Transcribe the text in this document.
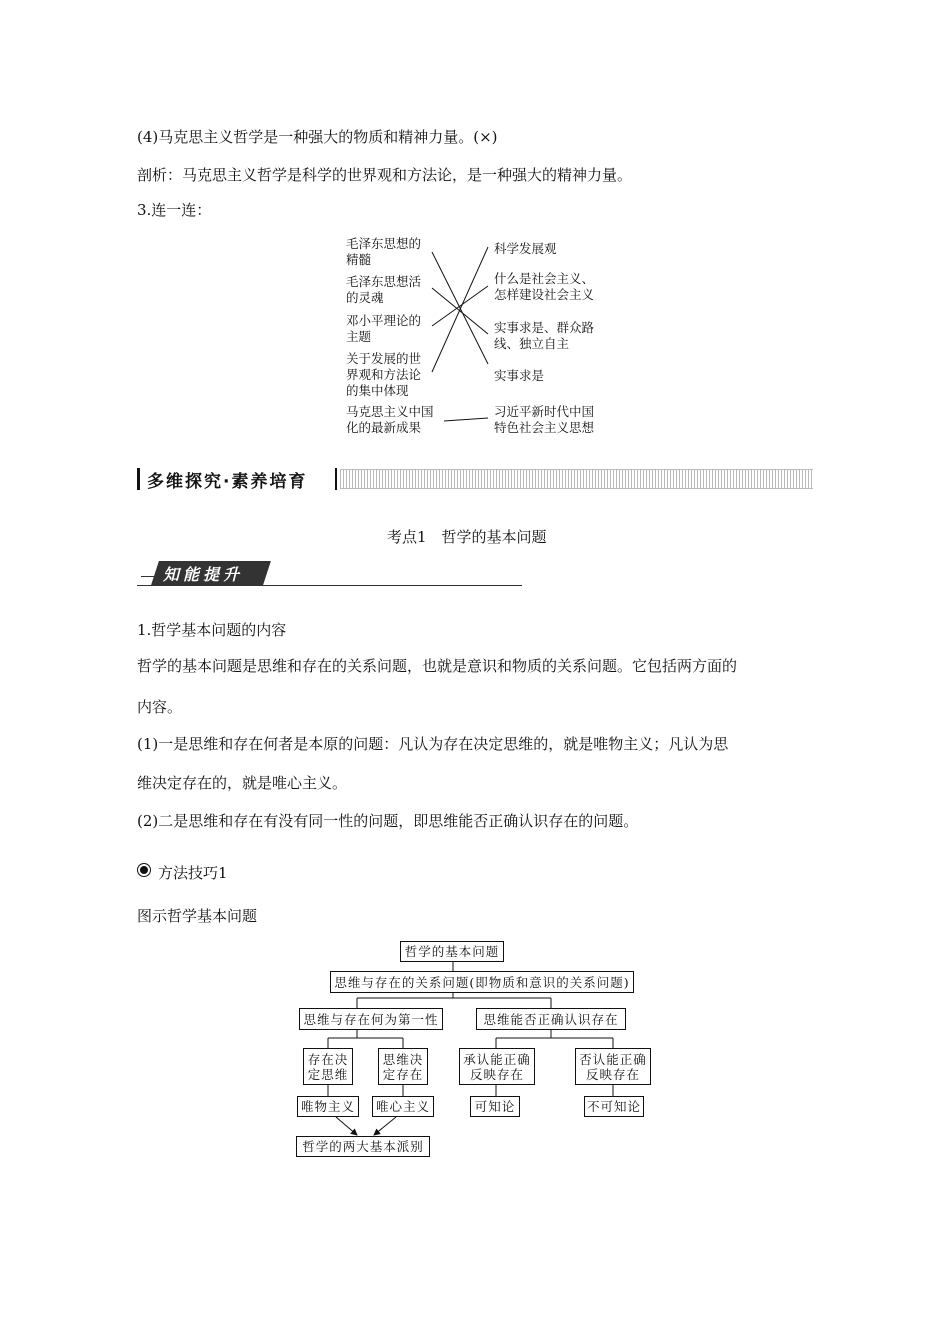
(4)马克思主义哲学是一种强大的物质和精神力量。(×)
剖析：马克思主义哲学是科学的世界观和方法论，是一种强大的精神力量。
3.连一连：
毛泽东思想的
精髓
毛泽东思想活
的灵魂
邓小平理论的
主题
关于发展的世
界观和方法论
的集中体现
马克思主义中国
化的最新成果
科学发展观
什么是社会主义、
怎样建设社会主义
实事求是、群众路
线、独立自主
实事求是
习近平新时代中国
特色社会主义思想
多维探究·素养培育
考点1　哲学的基本问题
知能提升
1.哲学基本问题的内容
哲学的基本问题是思维和存在的关系问题，也就是意识和物质的关系问题。它包括两方面的
内容。
(1)一是思维和存在何者是本原的问题：凡认为存在决定思维的，就是唯物主义；凡认为思
维决定存在的，就是唯心主义。
(2)二是思维和存在有没有同一性的问题，即思维能否正确认识存在的问题。
方法技巧1
图示哲学基本问题
哲学的基本问题
思维与存在的关系问题(即物质和意识的关系问题)
思维与存在何为第一性	思维能否正确认识存在
存在决
定思维
思维决
定存在
承认能正确
反映存在
否认能正确
反映存在
唯物主义	唯心主义	可知论	不可知论
哲学的两大基本派别
